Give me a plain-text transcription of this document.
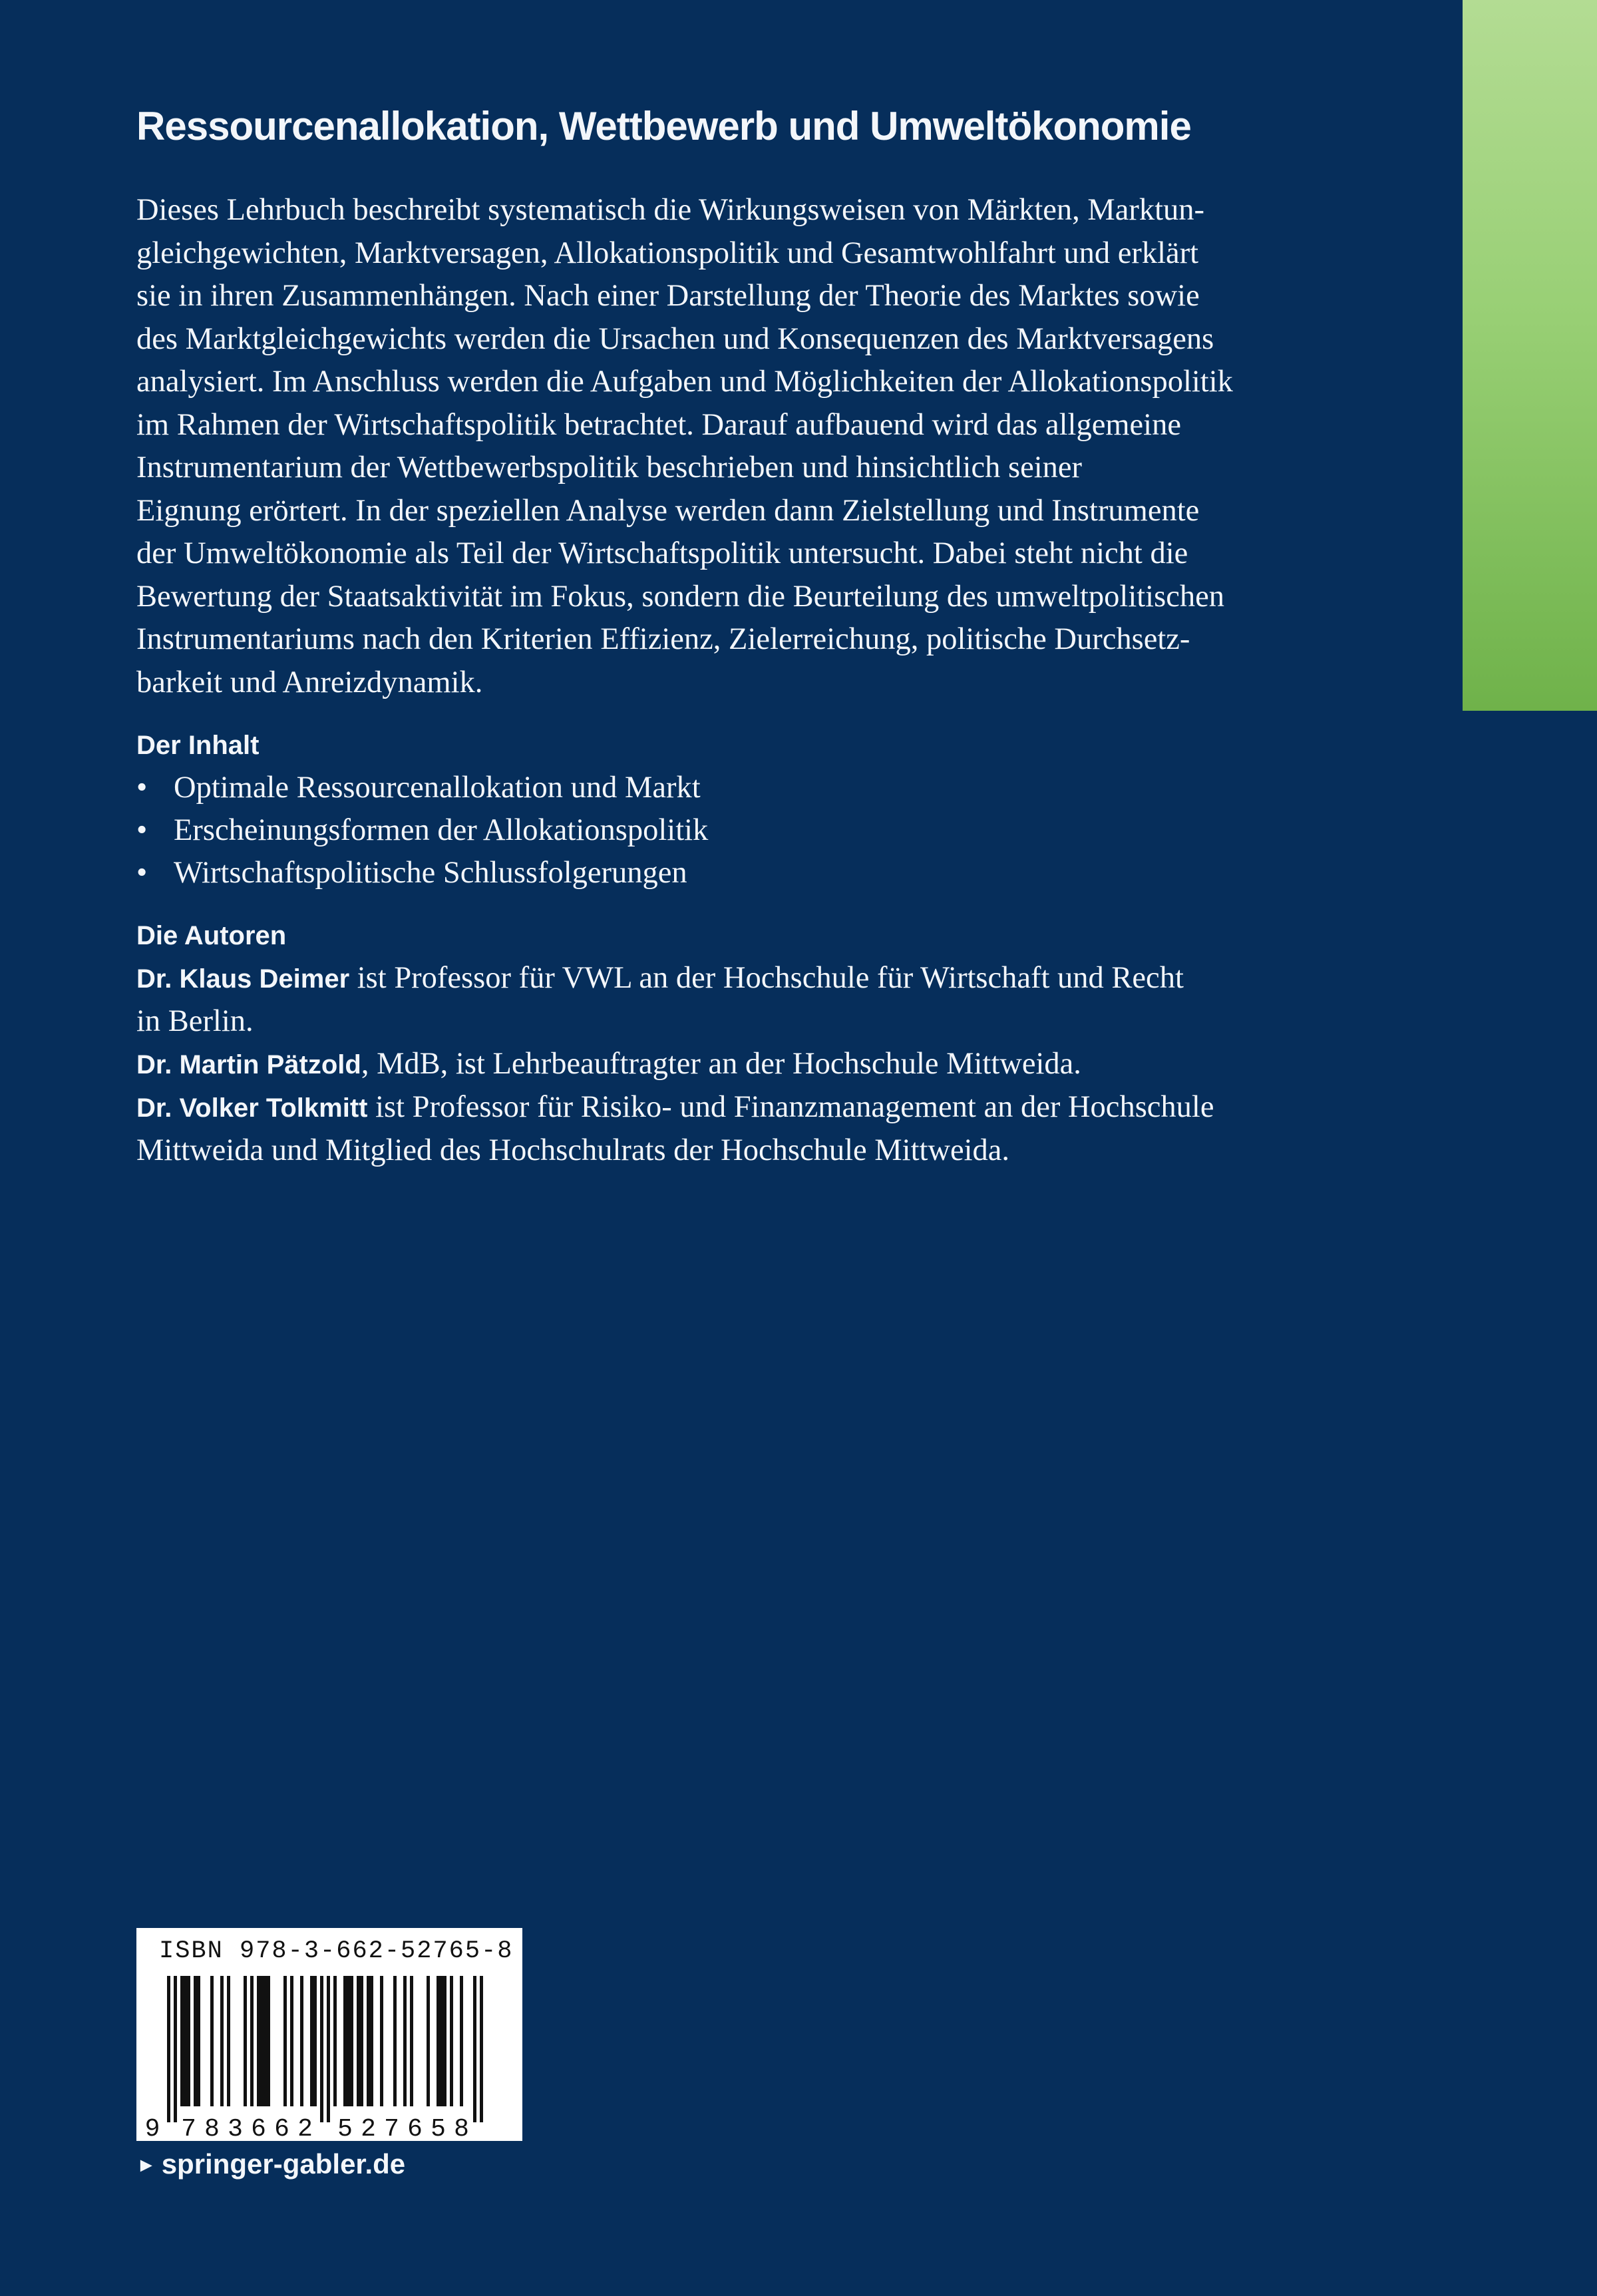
Ressourcenallokation, Wettbewerb und Umweltökonomie

Dieses Lehrbuch beschreibt systematisch die Wirkungsweisen von Märkten, Marktun-
gleichgewichten, Marktversagen, Allokationspolitik und Gesamtwohlfahrt und erklärt
sie in ihren Zusammenhängen. Nach einer Darstellung der Theorie des Marktes sowie
des Marktgleichgewichts werden die Ursachen und Konsequenzen des Marktversagens
analysiert. Im Anschluss werden die Aufgaben und Möglichkeiten der Allokationspolitik
im Rahmen der Wirtschaftspolitik betrachtet. Darauf aufbauend wird das allgemeine
Instrumentarium der Wettbewerbspolitik beschrieben und hinsichtlich seiner
Eignung erörtert. In der speziellen Analyse werden dann Zielstellung und Instrumente
der Umweltökonomie als Teil der Wirtschaftspolitik untersucht. Dabei steht nicht die
Bewertung der Staatsaktivität im Fokus, sondern die Beurteilung des umweltpolitischen
Instrumentariums nach den Kriterien Effizienz, Zielerreichung, politische Durchsetz-
barkeit und Anreizdynamik.

Der Inhalt
• Optimale Ressourcenallokation und Markt
• Erscheinungsformen der Allokationspolitik
• Wirtschaftspolitische Schlussfolgerungen
Die Autoren

Dr. Klaus Deimer ist Professor für VWL an der Hochschule für Wirtschaft und Recht
in Berlin.

Dr. Martin Pätzold, MdB, ist Lehrbeauftragter an der Hochschule Mittweida.

Dr. Volker Tolkmitt ist Professor für Risiko- und Finanzmanagement an der Hochschule
Mittweida und Mitglied des Hochschulrats der Hochschule Mittweida.

ISBN 978-3-662-52765-8
9 7 8 3 6 6 2 5 2 7 6 5 8
► springer-gabler.de
